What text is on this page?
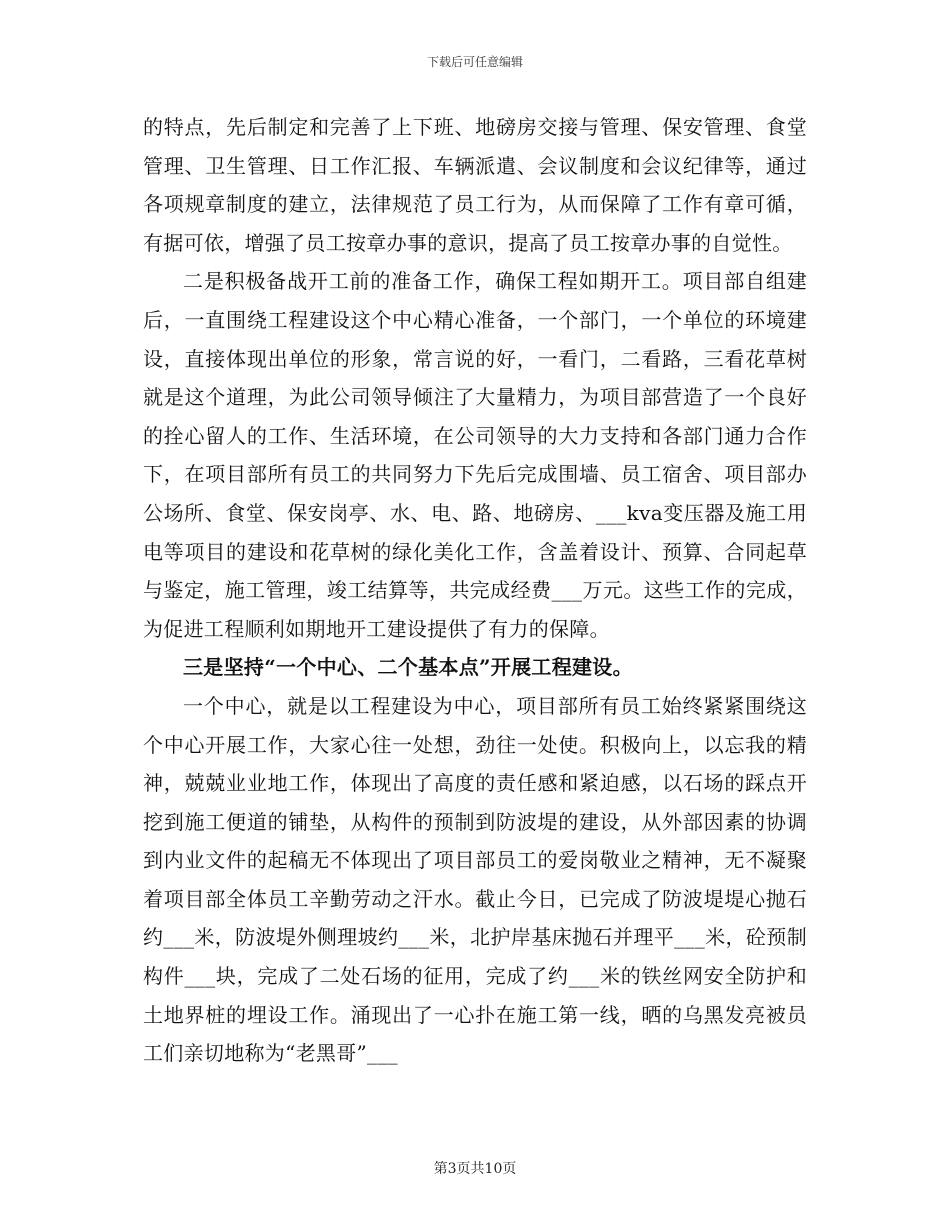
下载后可任意编辑

的特点，先后制定和完善了上下班、地磅房交接与管理、保安管理、食堂管理、卫生管理、日工作汇报、车辆派遣、会议制度和会议纪律等，通过各项规章制度的建立，法律规范了员工行为，从而保障了工作有章可循，有据可依，增强了员工按章办事的意识，提高了员工按章办事的自觉性。

二是积极备战开工前的准备工作，确保工程如期开工。项目部自组建后，一直围绕工程建设这个中心精心准备，一个部门，一个单位的环境建设，直接体现出单位的形象，常言说的好，一看门，二看路，三看花草树就是这个道理，为此公司领导倾注了大量精力，为项目部营造了一个良好的拴心留人的工作、生活环境，在公司领导的大力支持和各部门通力合作下，在项目部所有员工的共同努力下先后完成围墙、员工宿舍、项目部办公场所、食堂、保安岗亭、水、电、路、地磅房、___kva变压器及施工用电等项目的建设和花草树的绿化美化工作，含盖着设计、预算、合同起草与鉴定，施工管理，竣工结算等，共完成经费___万元。这些工作的完成，为促进工程顺利如期地开工建设提供了有力的保障。

三是坚持“一个中心、二个基本点”开展工程建设。

一个中心，就是以工程建设为中心，项目部所有员工始终紧紧围绕这个中心开展工作，大家心往一处想，劲往一处使。积极向上，以忘我的精神，兢兢业业地工作，体现出了高度的责任感和紧迫感，以石场的踩点开挖到施工便道的铺垫，从构件的预制到防波堤的建设，从外部因素的协调到内业文件的起稿无不体现出了项目部员工的爱岗敬业之精神，无不凝聚着项目部全体员工辛勤劳动之汗水。截止今日，已完成了防波堤堤心抛石约___米，防波堤外侧理坡约___米，北护岸基床抛石并理平___米，砼预制构件___块，完成了二处石场的征用，完成了约___米的铁丝网安全防护和土地界桩的埋设工作。涌现出了一心扑在施工第一线，晒的乌黑发亮被员工们亲切地称为“老黑哥”___

第3页共10页
